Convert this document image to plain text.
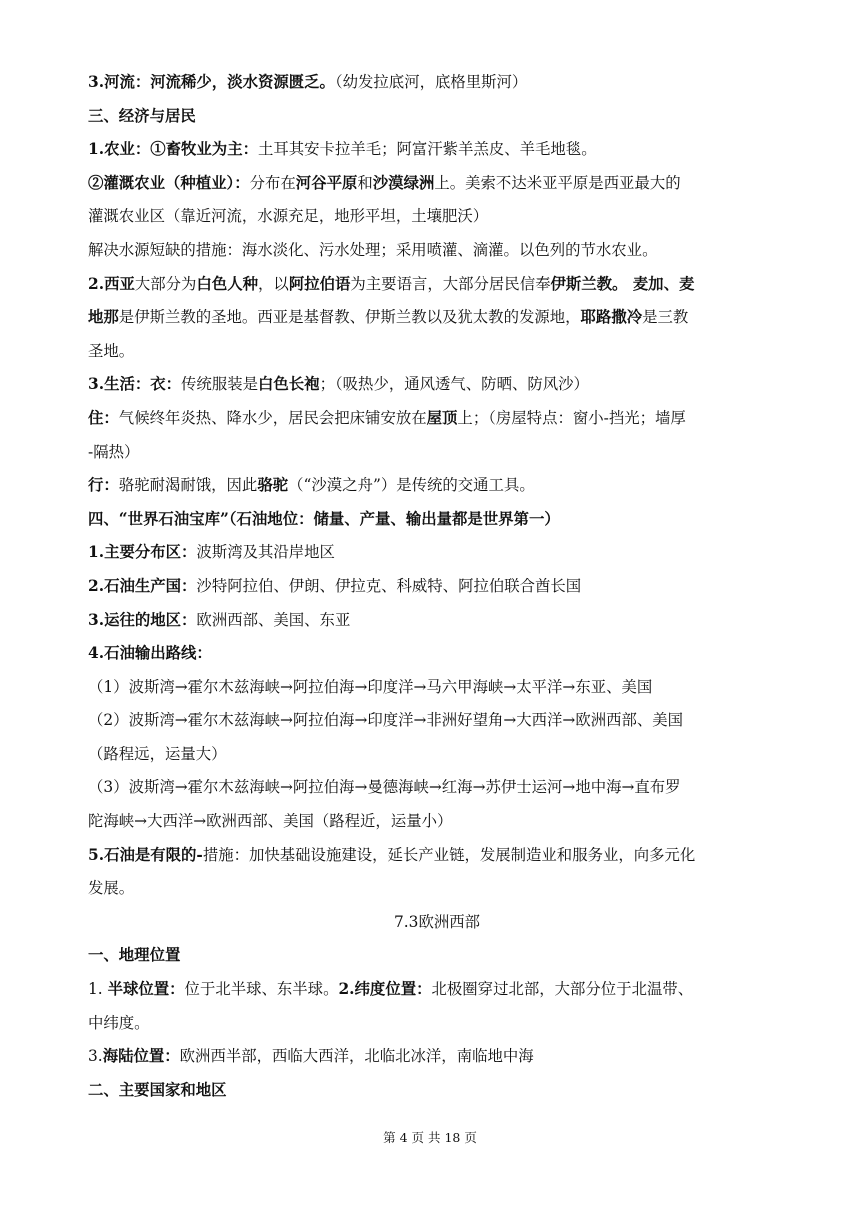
3.河流：河流稀少，淡水资源匮乏。（幼发拉底河，底格里斯河）
三、经济与居民
1.农业：①畜牧业为主：土耳其安卡拉羊毛；阿富汗紫羊羔皮、羊毛地毯。
②灌溉农业（种植业）：分布在河谷平原和沙漠绿洲上。美索不达米亚平原是西亚最大的
灌溉农业区（靠近河流，水源充足，地形平坦，土壤肥沃）
解决水源短缺的措施：海水淡化、污水处理；采用喷灌、滴灌。以色列的节水农业。
2.西亚大部分为白色人种，以阿拉伯语为主要语言，大部分居民信奉伊斯兰教。 麦加、麦
地那是伊斯兰教的圣地。西亚是基督教、伊斯兰教以及犹太教的发源地，耶路撒冷是三教
圣地。
3.生活：衣：传统服装是白色长袍；（吸热少，通风透气、防晒、防风沙）
住：气候终年炎热、降水少，居民会把床铺安放在屋顶上；（房屋特点：窗小-挡光；墙厚
-隔热）
行：骆驼耐渴耐饿，因此骆驼（“沙漠之舟”）是传统的交通工具。
四、“世界石油宝库”（石油地位：储量、产量、输出量都是世界第一）
1.主要分布区：波斯湾及其沿岸地区
2.石油生产国：沙特阿拉伯、伊朗、伊拉克、科威特、阿拉伯联合酋长国
3.运往的地区：欧洲西部、美国、东亚
4.石油输出路线：
（1）波斯湾→霍尔木兹海峡→阿拉伯海→印度洋→马六甲海峡→太平洋→东亚、美国
（2）波斯湾→霍尔木兹海峡→阿拉伯海→印度洋→非洲好望角→大西洋→欧洲西部、美国
（路程远，运量大）
（3）波斯湾→霍尔木兹海峡→阿拉伯海→曼德海峡→红海→苏伊士运河→地中海→直布罗
陀海峡→大西洋→欧洲西部、美国（路程近，运量小）
5.石油是有限的-措施：加快基础设施建设，延长产业链，发展制造业和服务业，向多元化
发展。
7.3欧洲西部
一、地理位置
1. 半球位置：位于北半球、东半球。2.纬度位置：北极圈穿过北部，大部分位于北温带、
中纬度。
3.海陆位置：欧洲西半部，西临大西洋，北临北冰洋，南临地中海
二、主要国家和地区
第 4 页 共 18 页
